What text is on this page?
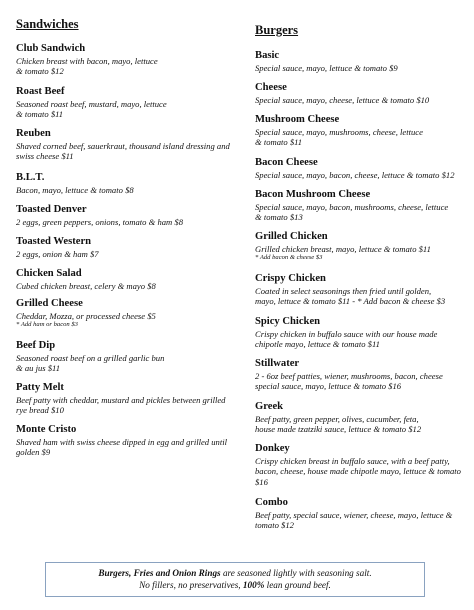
Sandwiches
Club Sandwich
Chicken breast with bacon, mayo, lettuce
& tomato $12
Roast Beef
Seasoned roast beef, mustard, mayo, lettuce
& tomato $11
Reuben
Shaved corned beef, sauerkraut, thousand island dressing and
swiss cheese $11
B.L.T.
Bacon, mayo, lettuce & tomato $8
Toasted Denver
2 eggs, green peppers, onions, tomato & ham $8
Toasted Western
2 eggs, onion & ham $7
Chicken Salad
Cubed chicken breast, celery & mayo $8
Grilled Cheese
Cheddar, Mozza, or processed cheese $5
* Add ham or bacon $3
Beef Dip
Seasoned roast beef on a grilled garlic bun
& au jus $11
Patty Melt
Beef patty with cheddar, mustard and pickles between grilled
rye bread $10
Monte Cristo
Shaved ham with swiss cheese dipped in egg and grilled until
golden $9
Burgers
Basic
Special sauce, mayo, lettuce & tomato $9
Cheese
Special sauce, mayo, cheese, lettuce & tomato $10
Mushroom Cheese
Special sauce, mayo, mushrooms, cheese, lettuce
& tomato $11
Bacon Cheese
Special sauce, mayo, bacon, cheese, lettuce & tomato $12
Bacon Mushroom Cheese
Special sauce, mayo, bacon, mushrooms, cheese, lettuce
& tomato $13
Grilled Chicken
Grilled chicken breast, mayo, lettuce & tomato $11
* Add bacon & cheese $3
Crispy Chicken
Coated in select seasonings then fried until golden,
mayo, lettuce & tomato $11 - * Add bacon & cheese $3
Spicy Chicken
Crispy chicken in buffalo sauce with our house made
chipotle mayo, lettuce & tomato $11
Stillwater
2 - 6oz beef patties, wiener, mushrooms, bacon, cheese
special sauce, mayo, lettuce & tomato $16
Greek
Beef patty, green pepper, olives, cucumber, feta,
house made tzatziki sauce, lettuce & tomato $12
Donkey
Crispy chicken breast in buffalo sauce, with a beef patty,
bacon, cheese, house made chipotle mayo, lettuce & tomato
$16
Combo
Beef patty, special sauce, wiener, cheese, mayo, lettuce &
tomato $12
Burgers, Fries and Onion Rings are seasoned lightly with seasoning salt.
No fillers, no preservatives, 100% lean ground beef.
